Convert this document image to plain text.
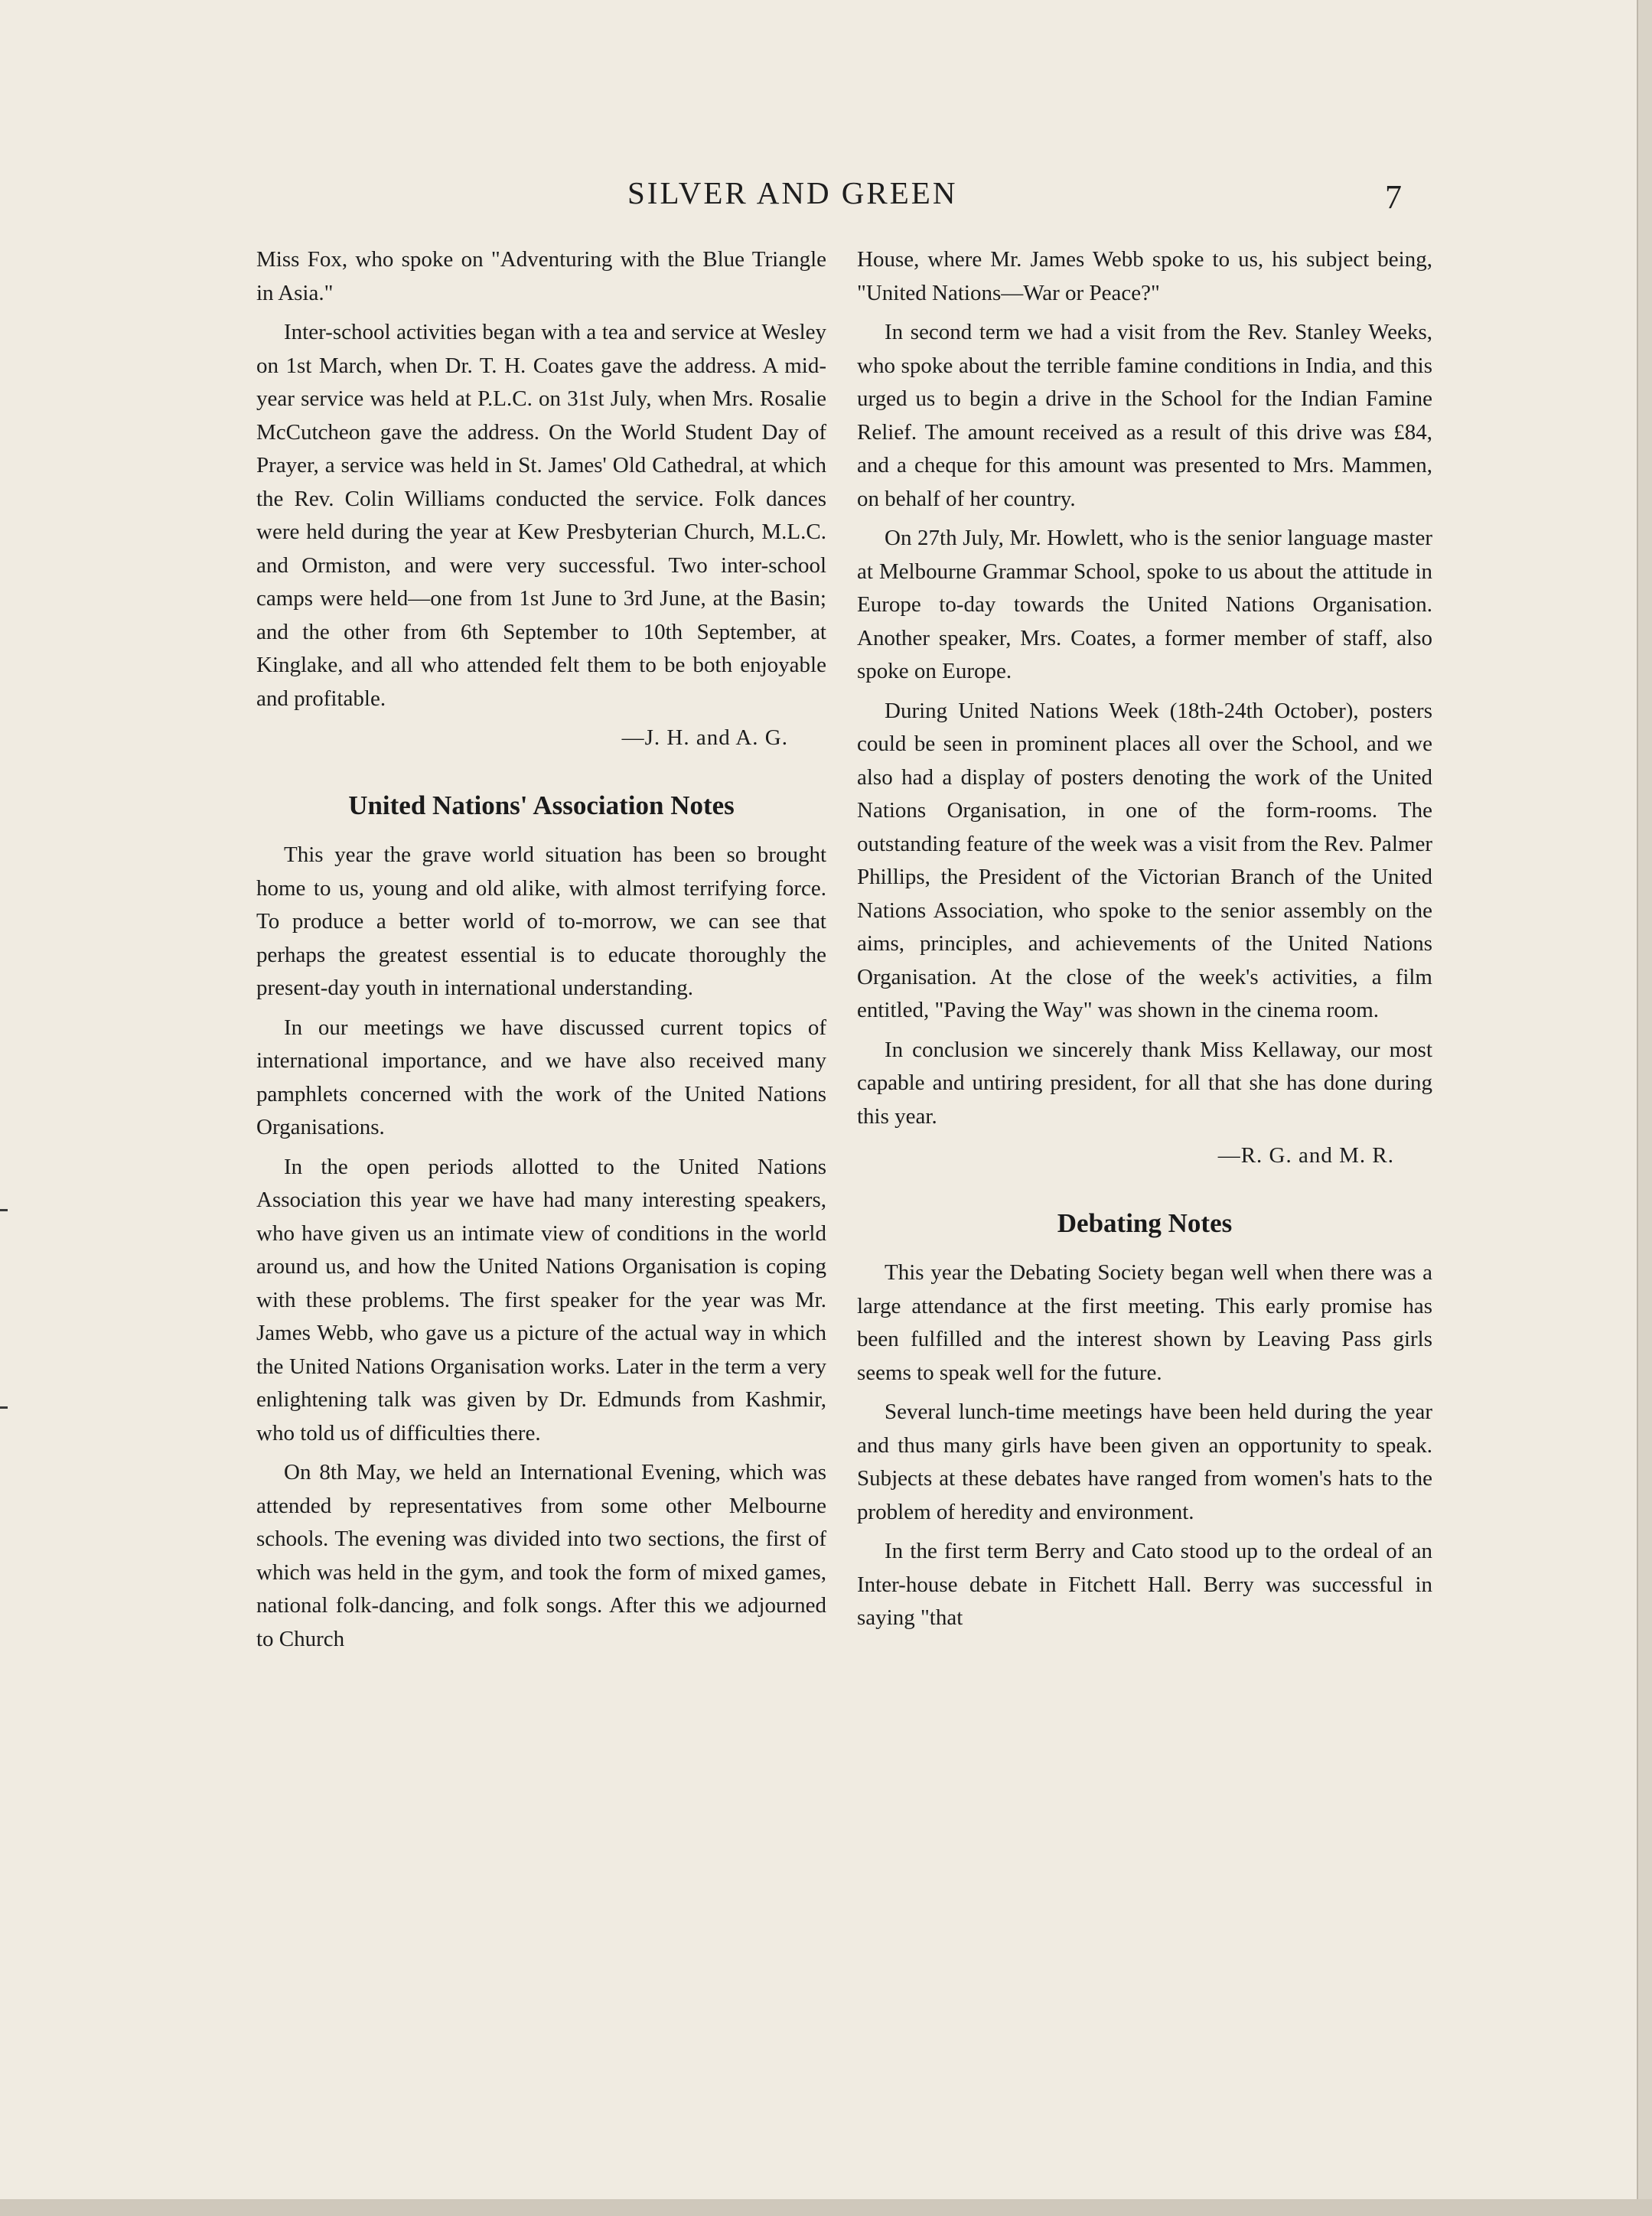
SILVER AND GREEN	7

Miss Fox, who spoke on "Adventuring with the Blue Triangle in Asia."

Inter-school activities began with a tea and service at Wesley on 1st March, when Dr. T. H. Coates gave the address. A mid-year service was held at P.L.C. on 31st July, when Mrs. Rosalie McCutcheon gave the address. On the World Student Day of Prayer, a service was held in St. James' Old Cathedral, at which the Rev. Colin Williams conducted the service. Folk dances were held during the year at Kew Presbyterian Church, M.L.C. and Ormiston, and were very successful. Two inter-school camps were held—one from 1st June to 3rd June, at the Basin; and the other from 6th September to 10th September, at Kinglake, and all who attended felt them to be both enjoyable and profitable.

—J. H. and A. G.

United Nations' Association Notes

This year the grave world situation has been so brought home to us, young and old alike, with almost terrifying force. To produce a better world of to-morrow, we can see that perhaps the greatest essential is to educate thoroughly the present-day youth in international understanding.

In our meetings we have discussed current topics of international importance, and we have also received many pamphlets concerned with the work of the United Nations Organisations.

In the open periods allotted to the United Nations Association this year we have had many interesting speakers, who have given us an intimate view of conditions in the world around us, and how the United Nations Organisation is coping with these problems. The first speaker for the year was Mr. James Webb, who gave us a picture of the actual way in which the United Nations Organisation works. Later in the term a very enlightening talk was given by Dr. Edmunds from Kashmir, who told us of difficulties there.

On 8th May, we held an International Evening, which was attended by representatives from some other Melbourne schools. The evening was divided into two sections, the first of which was held in the gym, and took the form of mixed games, national folk-dancing, and folk songs. After this we adjourned to Church

House, where Mr. James Webb spoke to us, his subject being, "United Nations—War or Peace?"

In second term we had a visit from the Rev. Stanley Weeks, who spoke about the terrible famine conditions in India, and this urged us to begin a drive in the School for the Indian Famine Relief. The amount received as a result of this drive was £84, and a cheque for this amount was presented to Mrs. Mammen, on behalf of her country.

On 27th July, Mr. Howlett, who is the senior language master at Melbourne Grammar School, spoke to us about the attitude in Europe to-day towards the United Nations Organisation. Another speaker, Mrs. Coates, a former member of staff, also spoke on Europe.

During United Nations Week (18th-24th October), posters could be seen in prominent places all over the School, and we also had a display of posters denoting the work of the United Nations Organisation, in one of the form-rooms. The outstanding feature of the week was a visit from the Rev. Palmer Phillips, the President of the Victorian Branch of the United Nations Association, who spoke to the senior assembly on the aims, principles, and achievements of the United Nations Organisation. At the close of the week's activities, a film entitled, "Paving the Way" was shown in the cinema room.

In conclusion we sincerely thank Miss Kellaway, our most capable and untiring president, for all that she has done during this year.

—R. G. and M. R.

Debating Notes

This year the Debating Society began well when there was a large attendance at the first meeting. This early promise has been fulfilled and the interest shown by Leaving Pass girls seems to speak well for the future.

Several lunch-time meetings have been held during the year and thus many girls have been given an opportunity to speak. Subjects at these debates have ranged from women's hats to the problem of heredity and environment.

In the first term Berry and Cato stood up to the ordeal of an Inter-house debate in Fitchett Hall. Berry was successful in saying "that
